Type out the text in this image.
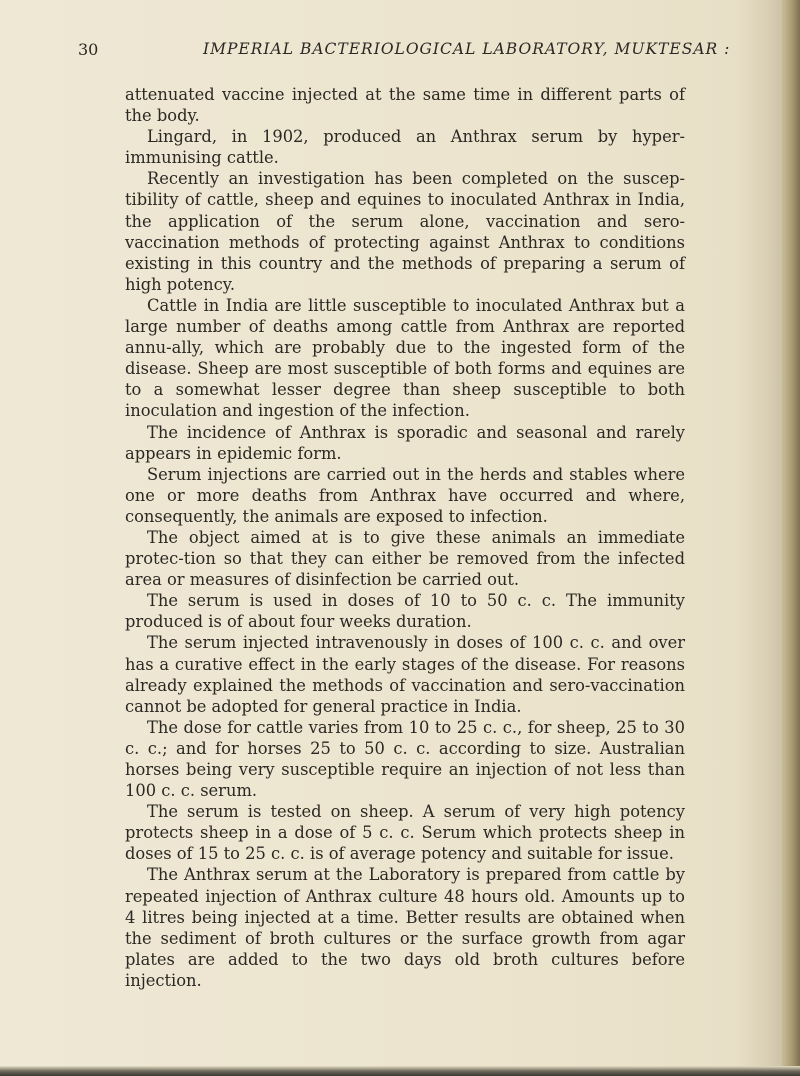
30	IMPERIAL BACTERIOLOGICAL LABORATORY, MUKTESAR :

attenuated vaccine injected at the same time in different parts of the body.

Lingard, in 1902, produced an Anthrax serum by hyper-immunising cattle.

Recently an investigation has been completed on the suscep-tibility of cattle, sheep and equines to inoculated Anthrax in India, the application of the serum alone, vaccination and sero-vaccination methods of protecting against Anthrax to conditions existing in this country and the methods of preparing a serum of high potency.

Cattle in India are little susceptible to inoculated Anthrax but a large number of deaths among cattle from Anthrax are reported annu-ally, which are probably due to the ingested form of the disease. Sheep are most susceptible of both forms and equines are to a somewhat lesser degree than sheep susceptible to both inoculation and ingestion of the infection.

The incidence of Anthrax is sporadic and seasonal and rarely appears in epidemic form.

Serum injections are carried out in the herds and stables where one or more deaths from Anthrax have occurred and where, consequently, the animals are exposed to infection.

The object aimed at is to give these animals an immediate protec-tion so that they can either be removed from the infected area or measures of disinfection be carried out.

The serum is used in doses of 10 to 50 c. c. The immunity produced is of about four weeks duration.

The serum injected intravenously in doses of 100 c. c. and over has a curative effect in the early stages of the disease. For reasons already explained the methods of vaccination and sero-vaccination cannot be adopted for general practice in India.

The dose for cattle varies from 10 to 25 c. c., for sheep, 25 to 30 c. c.; and for horses 25 to 50 c. c. according to size. Australian horses being very susceptible require an injection of not less than 100 c. c. serum.

The serum is tested on sheep. A serum of very high potency protects sheep in a dose of 5 c. c. Serum which protects sheep in doses of 15 to 25 c. c. is of average potency and suitable for issue.

The Anthrax serum at the Laboratory is prepared from cattle by repeated injection of Anthrax culture 48 hours old. Amounts up to 4 litres being injected at a time. Better results are obtained when the sediment of broth cultures or the surface growth from agar plates are added to the two days old broth cultures before injection.
